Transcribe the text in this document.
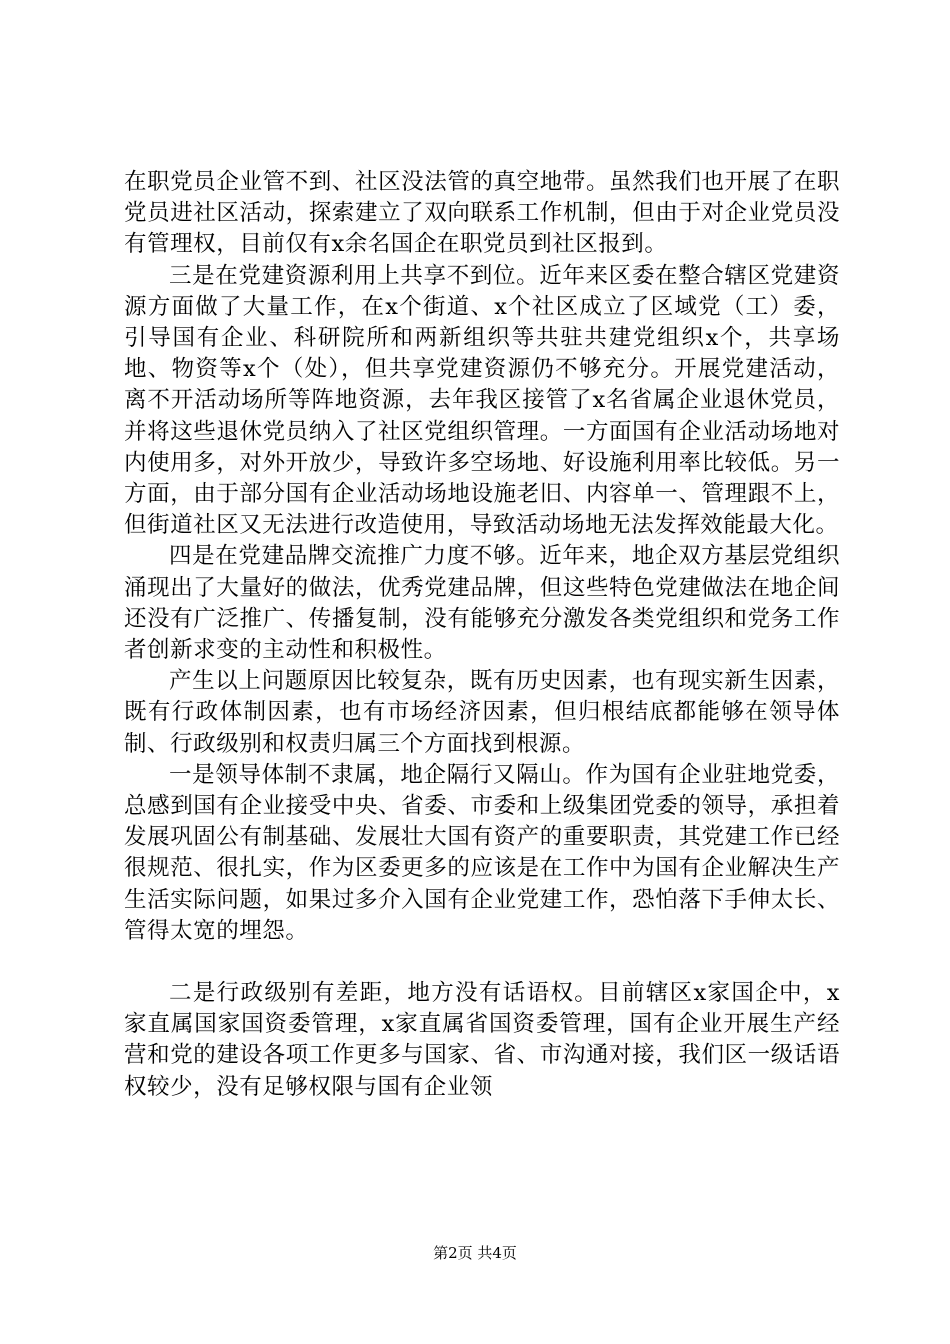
在职党员企业管不到、社区没法管的真空地带。虽然我们也开展了在职党员进社区活动，探索建立了双向联系工作机制，但由于对企业党员没有管理权，目前仅有x余名国企在职党员到社区报到。

三是在党建资源利用上共享不到位。近年来区委在整合辖区党建资源方面做了大量工作，在x个街道、x个社区成立了区域党（工）委，引导国有企业、科研院所和两新组织等共驻共建党组织x个，共享场地、物资等x个（处），但共享党建资源仍不够充分。开展党建活动，离不开活动场所等阵地资源，去年我区接管了x名省属企业退休党员，并将这些退休党员纳入了社区党组织管理。一方面国有企业活动场地对内使用多，对外开放少，导致许多空场地、好设施利用率比较低。另一方面，由于部分国有企业活动场地设施老旧、内容单一、管理跟不上，但街道社区又无法进行改造使用，导致活动场地无法发挥效能最大化。

四是在党建品牌交流推广力度不够。近年来，地企双方基层党组织涌现出了大量好的做法，优秀党建品牌，但这些特色党建做法在地企间还没有广泛推广、传播复制，没有能够充分激发各类党组织和党务工作者创新求变的主动性和积极性。

产生以上问题原因比较复杂，既有历史因素，也有现实新生因素，既有行政体制因素，也有市场经济因素，但归根结底都能够在领导体制、行政级别和权责归属三个方面找到根源。

一是领导体制不隶属，地企隔行又隔山。作为国有企业驻地党委，总感到国有企业接受中央、省委、市委和上级集团党委的领导，承担着发展巩固公有制基础、发展壮大国有资产的重要职责，其党建工作已经很规范、很扎实，作为区委更多的应该是在工作中为国有企业解决生产生活实际问题，如果过多介入国有企业党建工作，恐怕落下手伸太长、管得太宽的埋怨。

二是行政级别有差距，地方没有话语权。目前辖区x家国企中，x家直属国家国资委管理，x家直属省国资委管理，国有企业开展生产经营和党的建设各项工作更多与国家、省、市沟通对接，我们区一级话语权较少，没有足够权限与国有企业领

第2页 共4页
